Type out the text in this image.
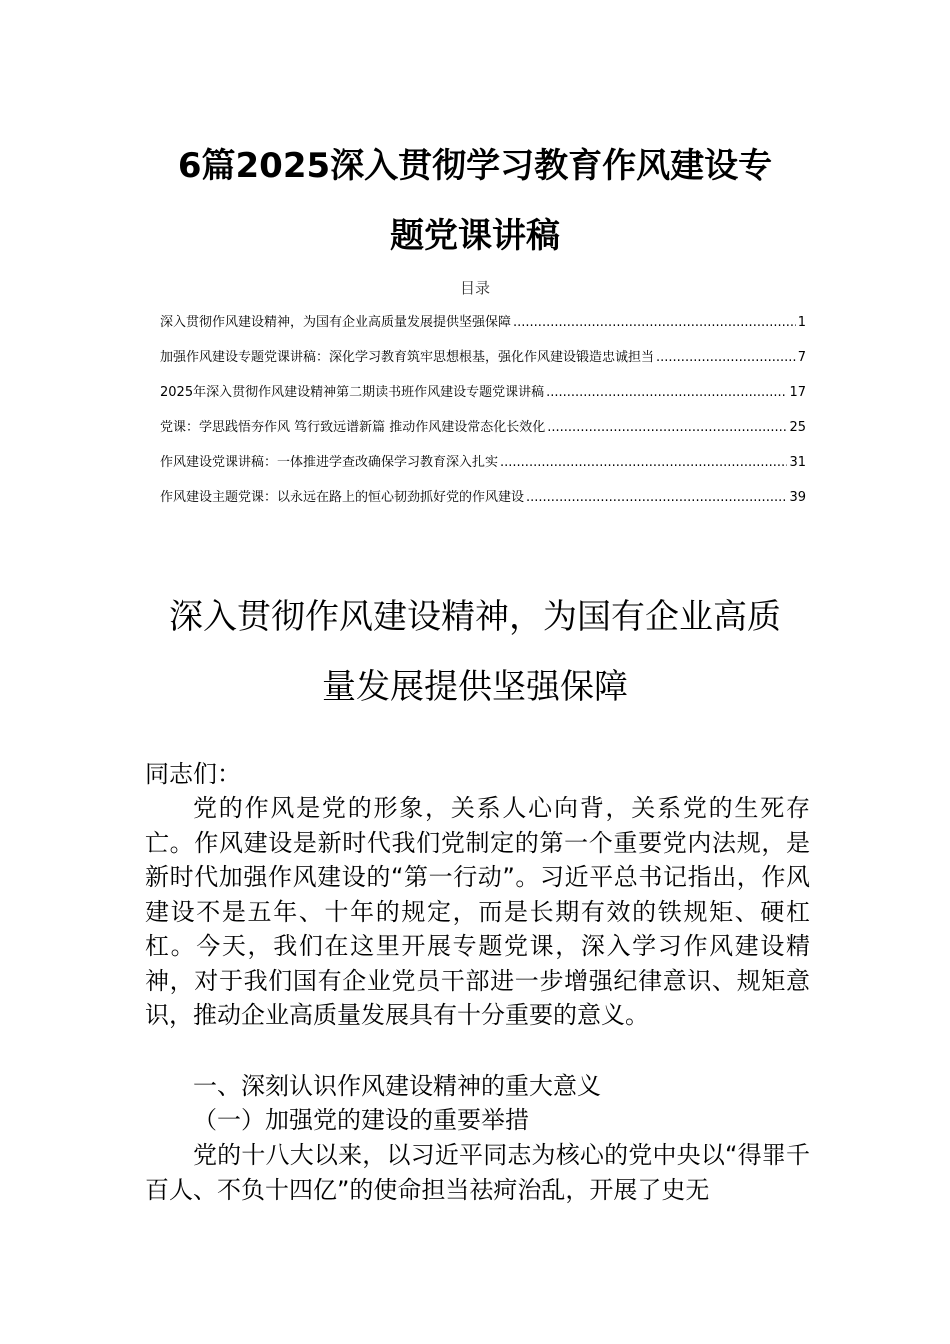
6篇2025深入贯彻学习教育作风建设专
题党课讲稿
目录
深入贯彻作风建设精神，为国有企业高质量发展提供坚强保障 .....	1
加强作风建设专题党课讲稿：深化学习教育筑牢思想根基，强化作风建设锻造忠诚担当 .....	7
2025年深入贯彻作风建设精神第二期读书班作风建设专题党课讲稿 .....	17
党课：学思践悟夯作风 笃行致远谱新篇 推动作风建设常态化长效化 .....	25
作风建设党课讲稿：一体推进学查改确保学习教育深入扎实 .....	31
作风建设主题党课：以永远在路上的恒心韧劲抓好党的作风建设 .....	39
深入贯彻作风建设精神，为国有企业高质
量发展提供坚强保障
同志们：
党的作风是党的形象，关系人心向背，关系党的生死存亡。作风建设是新时代我们党制定的第一个重要党内法规，是新时代加强作风建设的“第一行动”。习近平总书记指出，作风建设不是五年、十年的规定，而是长期有效的铁规矩、硬杠杠。今天，我们在这里开展专题党课，深入学习作风建设精神，对于我们国有企业党员干部进一步增强纪律意识、规矩意识，推动企业高质量发展具有十分重要的意义。
一、深刻认识作风建设精神的重大意义
（一）加强党的建设的重要举措
党的十八大以来，以习近平同志为核心的党中央以“得罪千百人、不负十四亿”的使命担当祛疴治乱，开展了史无
